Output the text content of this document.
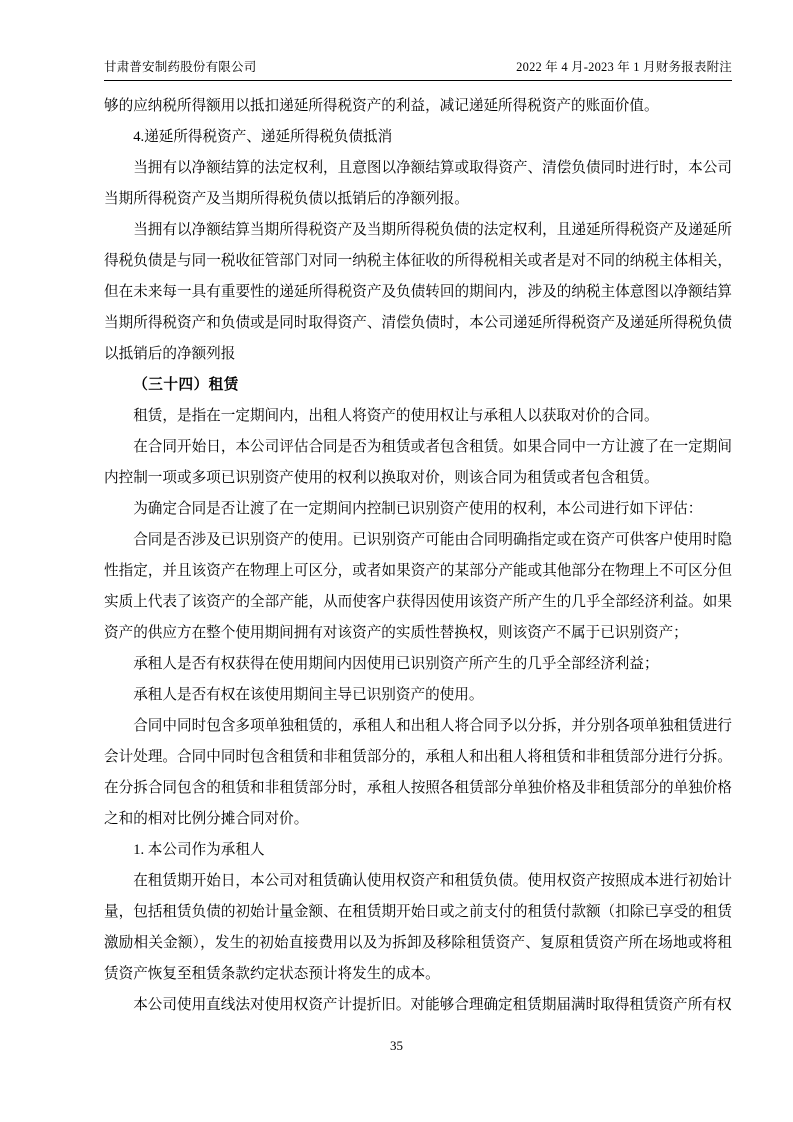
甘肃普安制药股份有限公司	2022 年 4 月-2023 年 1 月财务报表附注

够的应纳税所得额用以抵扣递延所得税资产的利益，减记递延所得税资产的账面价值。

4.递延所得税资产、递延所得税负债抵消

当拥有以净额结算的法定权利，且意图以净额结算或取得资产、清偿负债同时进行时，本公司当期所得税资产及当期所得税负债以抵销后的净额列报。

当拥有以净额结算当期所得税资产及当期所得税负债的法定权利，且递延所得税资产及递延所得税负债是与同一税收征管部门对同一纳税主体征收的所得税相关或者是对不同的纳税主体相关，但在未来每一具有重要性的递延所得税资产及负债转回的期间内，涉及的纳税主体意图以净额结算当期所得税资产和负债或是同时取得资产、清偿负债时，本公司递延所得税资产及递延所得税负债以抵销后的净额列报

（三十四）租赁

租赁，是指在一定期间内，出租人将资产的使用权让与承租人以获取对价的合同。

在合同开始日，本公司评估合同是否为租赁或者包含租赁。如果合同中一方让渡了在一定期间内控制一项或多项已识别资产使用的权利以换取对价，则该合同为租赁或者包含租赁。

为确定合同是否让渡了在一定期间内控制已识别资产使用的权利，本公司进行如下评估：

合同是否涉及已识别资产的使用。已识别资产可能由合同明确指定或在资产可供客户使用时隐性指定，并且该资产在物理上可区分，或者如果资产的某部分产能或其他部分在物理上不可区分但实质上代表了该资产的全部产能，从而使客户获得因使用该资产所产生的几乎全部经济利益。如果资产的供应方在整个使用期间拥有对该资产的实质性替换权，则该资产不属于已识别资产；

承租人是否有权获得在使用期间内因使用已识别资产所产生的几乎全部经济利益；

承租人是否有权在该使用期间主导已识别资产的使用。

合同中同时包含多项单独租赁的，承租人和出租人将合同予以分拆，并分别各项单独租赁进行会计处理。合同中同时包含租赁和非租赁部分的，承租人和出租人将租赁和非租赁部分进行分拆。在分拆合同包含的租赁和非租赁部分时，承租人按照各租赁部分单独价格及非租赁部分的单独价格之和的相对比例分摊合同对价。

1. 本公司作为承租人

在租赁期开始日，本公司对租赁确认使用权资产和租赁负债。使用权资产按照成本进行初始计量，包括租赁负债的初始计量金额、在租赁期开始日或之前支付的租赁付款额（扣除已享受的租赁激励相关金额），发生的初始直接费用以及为拆卸及移除租赁资产、复原租赁资产所在场地或将租赁资产恢复至租赁条款约定状态预计将发生的成本。

本公司使用直线法对使用权资产计提折旧。对能够合理确定租赁期届满时取得租赁资产所有权

35
